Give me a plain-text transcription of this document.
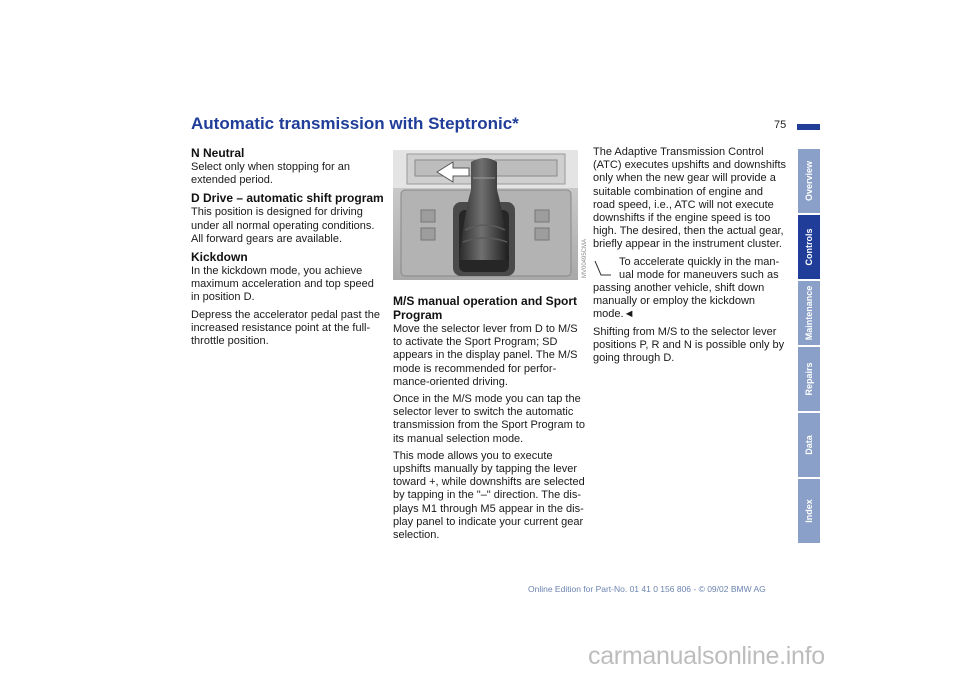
Automatic transmission with Steptronic*	75
N Neutral

Select only when stopping for an
extended period.

D Drive – automatic shift program

This position is designed for driving
under all normal operating conditions.
All forward gears are available.

Kickdown

In the kickdown mode, you achieve
maximum acceleration and top speed
in position D.

Depress the accelerator pedal past the
increased resistance point at the full-
throttle position.

MV00495CMA
M/S manual operation and Sport
Program

Move the selector lever from D to M/S
to activate the Sport Program; SD
appears in the display panel. The M/S
mode is recommended for perfor-
mance-oriented driving.

Once in the M/S mode you can tap the
selector lever to switch the automatic
transmission from the Sport Program to
its manual selection mode.

This mode allows you to execute
upshifts manually by tapping the lever
toward +, while downshifts are selected
by tapping in the "–" direction. The dis-
plays M1 through M5 appear in the dis-
play panel to indicate your current gear
selection.

The Adaptive Transmission Control
(ATC) executes upshifts and downshifts
only when the new gear will provide a
suitable combination of engine and
road speed, i.e., ATC will not execute
downshifts if the engine speed is too
high. The desired, then the actual gear,
briefly appear in the instrument cluster.

To accelerate quickly in the man-
ual mode for maneuvers such as

passing another vehicle, shift down
manually or employ the kickdown
mode.◄

Shifting from M/S to the selector lever
positions P, R and N is possible only by
going through D.

Overview
Controls
Maintenance
Repairs
Data
Index
Online Edition for Part-No. 01 41 0 156 806 - © 09/02 BMW AG
carmanualsonline.info
